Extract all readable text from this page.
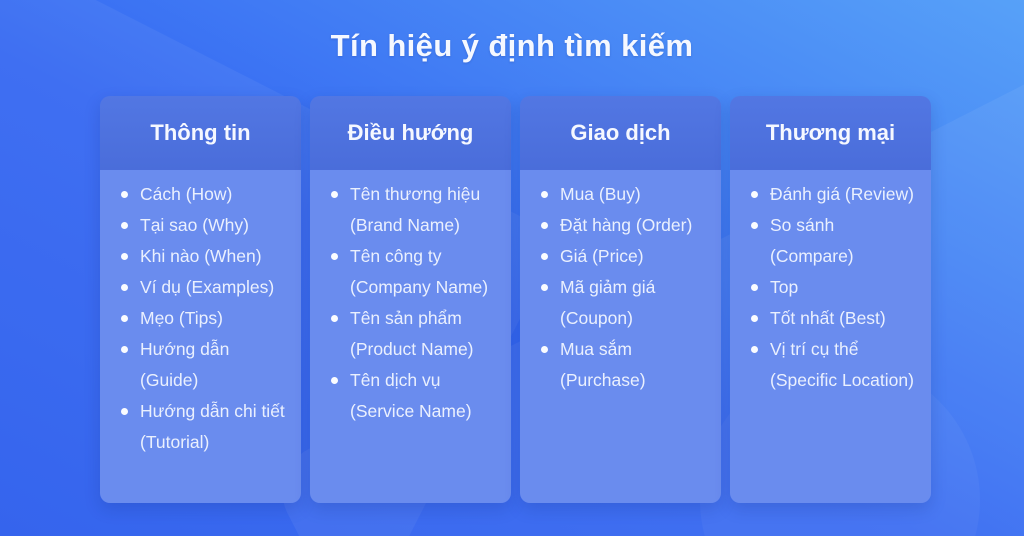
Tín hiệu ý định tìm kiếm
Thông tin
Cách (How)
Tại sao (Why)
Khi nào (When)
Ví dụ (Examples)
Mẹo (Tips)
Hướng dẫn (Guide)
Hướng dẫn chi tiết (Tutorial)
Điều hướng
Tên thương hiệu (Brand Name)
Tên công ty (Company Name)
Tên sản phẩm (Product Name)
Tên dịch vụ (Service Name)
Giao dịch
Mua (Buy)
Đặt hàng (Order)
Giá (Price)
Mã giảm giá (Coupon)
Mua sắm (Purchase)
Thương mại
Đánh giá (Review)
So sánh (Compare)
Top
Tốt nhất (Best)
Vị trí cụ thể (Specific Location)
